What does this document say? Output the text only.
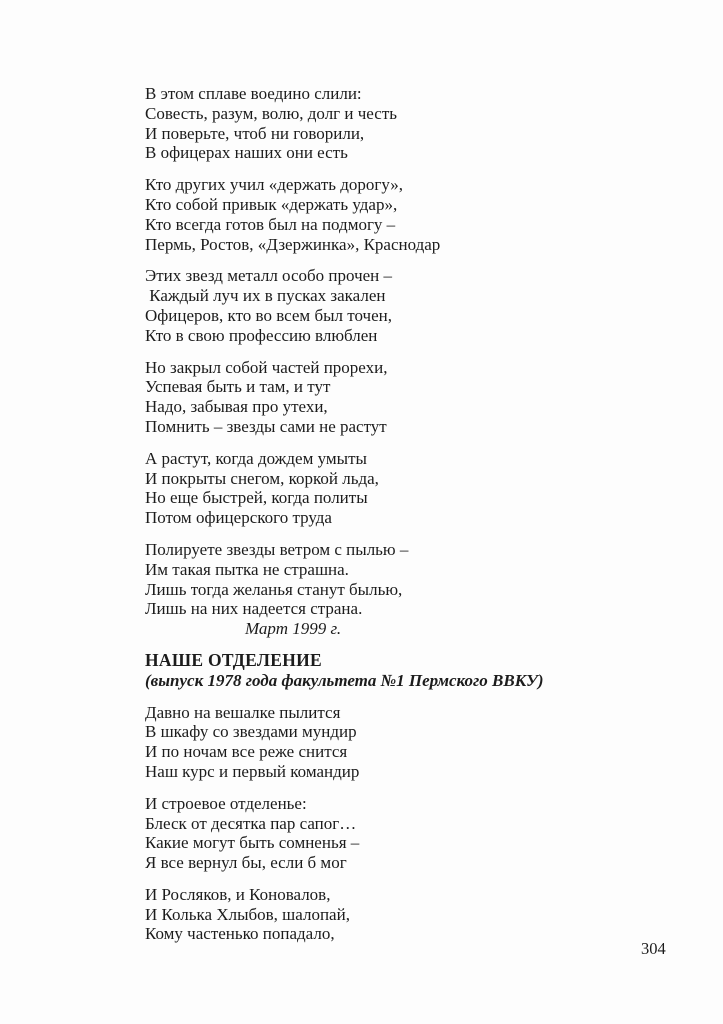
В этом сплаве воедино слили:
Совесть, разум, волю, долг и честь
И поверьте, чтоб ни говорили,
В офицерах наших они есть
Кто других учил «держать дорогу»,
Кто собой привык «держать удар»,
Кто всегда готов был на подмогу –
Пермь, Ростов, «Дзержинка», Краснодар
Этих звезд металл особо прочен –
Каждый луч их в пусках закален
Офицеров, кто во всем был точен,
Кто в свою профессию влюблен
Но закрыл собой частей прорехи,
Успевая быть и там, и тут
Надо, забывая про утехи,
Помнить – звезды сами не растут
А растут, когда дождем умыты
И покрыты снегом, коркой льда,
Но еще быстрей, когда политы
Потом офицерского труда
Полируете звезды ветром с пылью –
Им такая пытка не страшна.
Лишь тогда желанья станут былью,
Лишь на них надеется страна.
Март 1999 г.
НАШЕ ОТДЕЛЕНИЕ
(выпуск 1978 года факультета №1 Пермского ВВКУ)
Давно на вешалке пылится
В шкафу со звездами мундир
И по ночам все реже снится
Наш курс и первый командир
И строевое отделенье:
Блеск от десятка пар сапог…
Какие могут быть сомненья –
Я все вернул бы, если б мог
И Росляков, и Коновалов,
И Колька Хлыбов, шалопай,
Кому частенько попадало,
304
